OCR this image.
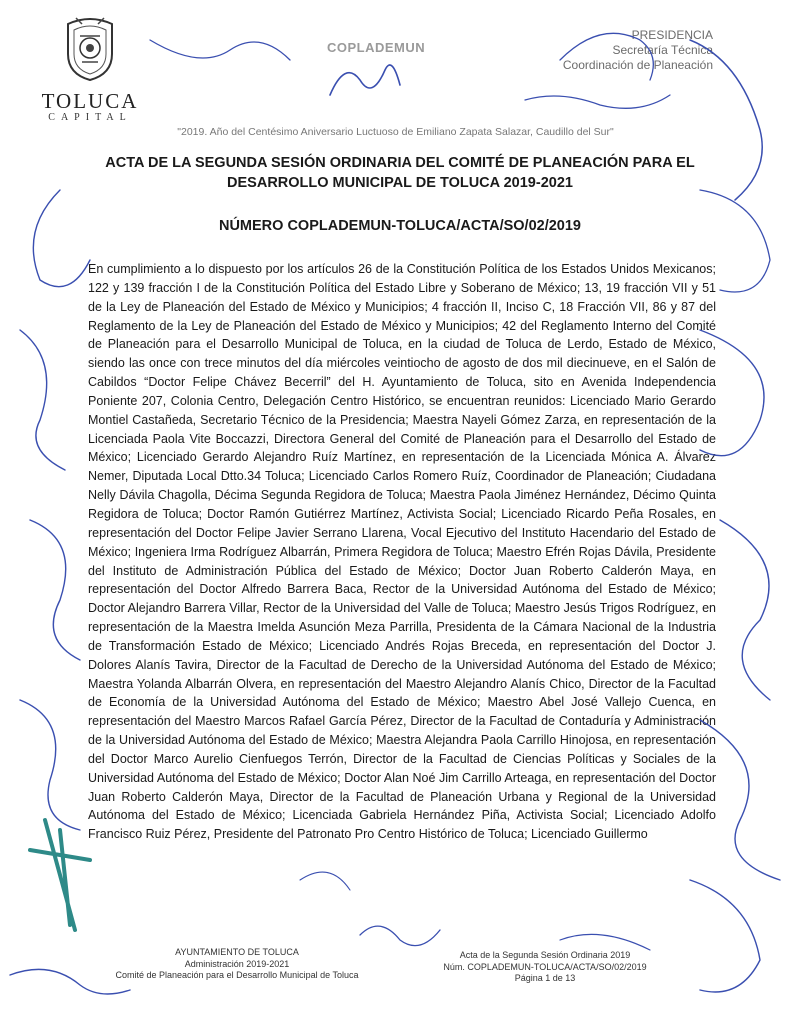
TOLUCA
CAPITAL
COPLADEMUN
PRESIDENCIA
Secretaría Técnica
Coordinación de Planeación
"2019. Año del Centésimo Aniversario Luctuoso de Emiliano Zapata Salazar, Caudillo del Sur"
ACTA DE LA SEGUNDA SESIÓN ORDINARIA DEL COMITÉ DE PLANEACIÓN PARA EL DESARROLLO MUNICIPAL DE TOLUCA 2019-2021
NÚMERO COPLADEMUN-TOLUCA/ACTA/SO/02/2019
En cumplimiento a lo dispuesto por los artículos 26 de la Constitución Política de los Estados Unidos Mexicanos; 122 y 139 fracción I de la Constitución Política del Estado Libre y Soberano de México; 13, 19 fracción VII y 51 de la Ley de Planeación del Estado de México y Municipios; 4 fracción II, Inciso C, 18 Fracción VII, 86 y 87 del Reglamento de la Ley de Planeación del Estado de México y Municipios; 42 del Reglamento Interno del Comité de Planeación para el Desarrollo Municipal de Toluca, en la ciudad de Toluca de Lerdo, Estado de México, siendo las once con trece minutos del día miércoles veintiocho de agosto de dos mil diecinueve, en el Salón de Cabildos “Doctor Felipe Chávez Becerril” del H. Ayuntamiento de Toluca, sito en Avenida Independencia Poniente 207, Colonia Centro, Delegación Centro Histórico, se encuentran reunidos: Licenciado Mario Gerardo Montiel Castañeda, Secretario Técnico de la Presidencia; Maestra Nayeli Gómez Zarza, en representación de la Licenciada Paola Vite Boccazzi, Directora General del Comité de Planeación para el Desarrollo del Estado de México; Licenciado Gerardo Alejandro Ruíz Martínez, en representación de la Licenciada Mónica A. Álvarez Nemer, Diputada Local Dtto.34 Toluca; Licenciado Carlos Romero Ruíz, Coordinador de Planeación; Ciudadana Nelly Dávila Chagolla, Décima Segunda Regidora de Toluca; Maestra Paola Jiménez Hernández, Décimo Quinta Regidora de Toluca; Doctor Ramón Gutiérrez Martínez, Activista Social; Licenciado Ricardo Peña Rosales, en representación del Doctor Felipe Javier Serrano Llarena, Vocal Ejecutivo del Instituto Hacendario del Estado de México; Ingeniera Irma Rodríguez Albarrán, Primera Regidora de Toluca; Maestro Efrén Rojas Dávila, Presidente del Instituto de Administración Pública del Estado de México; Doctor Juan Roberto Calderón Maya, en representación del Doctor Alfredo Barrera Baca, Rector de la Universidad Autónoma del Estado de México; Doctor Alejandro Barrera Villar, Rector de la Universidad del Valle de Toluca; Maestro Jesús Trigos Rodríguez, en representación de la Maestra Imelda Asunción Meza Parrilla, Presidenta de la Cámara Nacional de la Industria de Transformación Estado de México; Licenciado Andrés Rojas Breceda, en representación del Doctor J. Dolores Alanís Tavira, Director de la Facultad de Derecho de la Universidad Autónoma del Estado de México; Maestra Yolanda Albarrán Olvera, en representación del Maestro Alejandro Alanís Chico, Director de la Facultad de Economía de la Universidad Autónoma del Estado de México; Maestro Abel José Vallejo Cuenca, en representación del Maestro Marcos Rafael García Pérez, Director de la Facultad de Contaduría y Administración de la Universidad Autónoma del Estado de México; Maestra Alejandra Paola Carrillo Hinojosa, en representación del Doctor Marco Aurelio Cienfuegos Terrón, Director de la Facultad de Ciencias Políticas y Sociales de la Universidad Autónoma del Estado de México; Doctor Alan Noé Jim Carrillo Arteaga, en representación del Doctor Juan Roberto Calderón Maya, Director de la Facultad de Planeación Urbana y Regional de la Universidad Autónoma del Estado de México; Licenciada Gabriela Hernández Piña, Activista Social; Licenciado Adolfo Francisco Ruiz Pérez, Presidente del Patronato Pro Centro Histórico de Toluca; Licenciado Guillermo
AYUNTAMIENTO DE TOLUCA
Administración 2019-2021
Comité de Planeación para el Desarrollo Municipal de Toluca
Acta de la Segunda Sesión Ordinaria 2019
Núm. COPLADEMUN-TOLUCA/ACTA/SO/02/2019
Página 1 de 13
